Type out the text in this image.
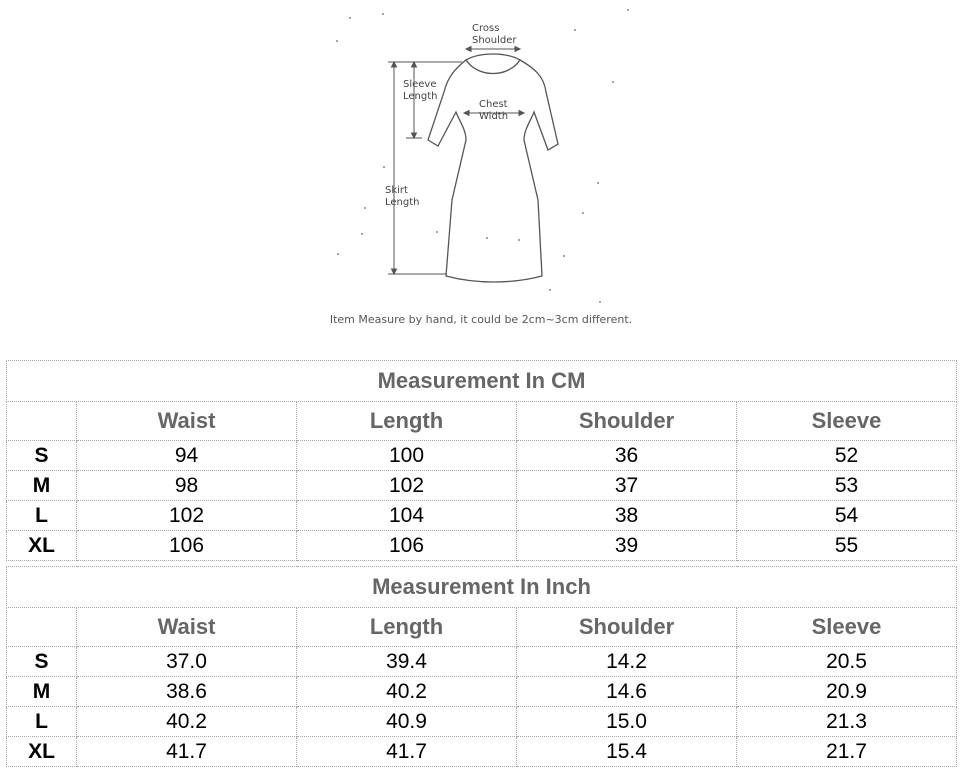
Cross
Shoulder
Sleeve
Length
Chest
Width
Skirt
Length
Item Measure by hand, it could be 2cm~3cm different.
Measurement In CM				
	Waist	Length	Shoulder	Sleeve
S	94	100	36	52
M	98	102	37	53
L	102	104	38	54
XL	106	106	39	55
Measurement In Inch				
	Waist	Length	Shoulder	Sleeve
S	37.0	39.4	14.2	20.5
M	38.6	40.2	14.6	20.9
L	40.2	40.9	15.0	21.3
XL	41.7	41.7	15.4	21.7
